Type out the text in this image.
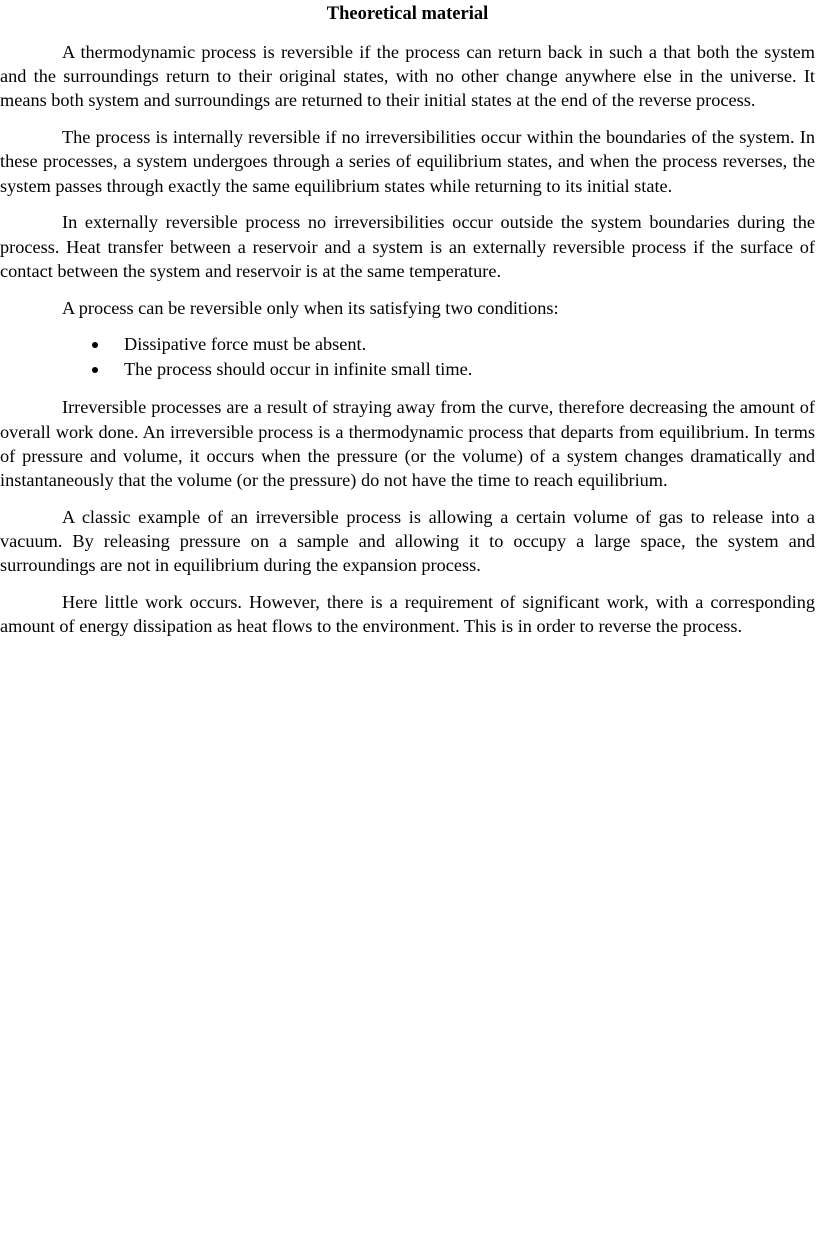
Theoretical material

A thermodynamic process is reversible if the process can return back in such a that both the system and the surroundings return to their original states, with no other change anywhere else in the universe. It means both system and surroundings are returned to their initial states at the end of the reverse process.

The process is internally reversible if no irreversibilities occur within the boundaries of the system. In these processes, a system undergoes through a series of equilibrium states, and when the process reverses, the system passes through exactly the same equilibrium states while returning to its initial state.

In externally reversible process no irreversibilities occur outside the system boundaries during the process. Heat transfer between a reservoir and a system is an externally reversible process if the surface of contact between the system and reservoir is at the same temperature.

A process can be reversible only when its satisfying two conditions:

Dissipative force must be absent.
The process should occur in infinite small time.

Irreversible processes are a result of straying away from the curve, therefore decreasing the amount of overall work done. An irreversible process is a thermodynamic process that departs from equilibrium. In terms of pressure and volume, it occurs when the pressure (or the volume) of a system changes dramatically and instantaneously that the volume (or the pressure) do not have the time to reach equilibrium.

A classic example of an irreversible process is allowing a certain volume of gas to release into a vacuum. By releasing pressure on a sample and allowing it to occupy a large space, the system and surroundings are not in equilibrium during the expansion process.

Here little work occurs. However, there is a requirement of significant work, with a corresponding amount of energy dissipation as heat flows to the environment. This is in order to reverse the process.
